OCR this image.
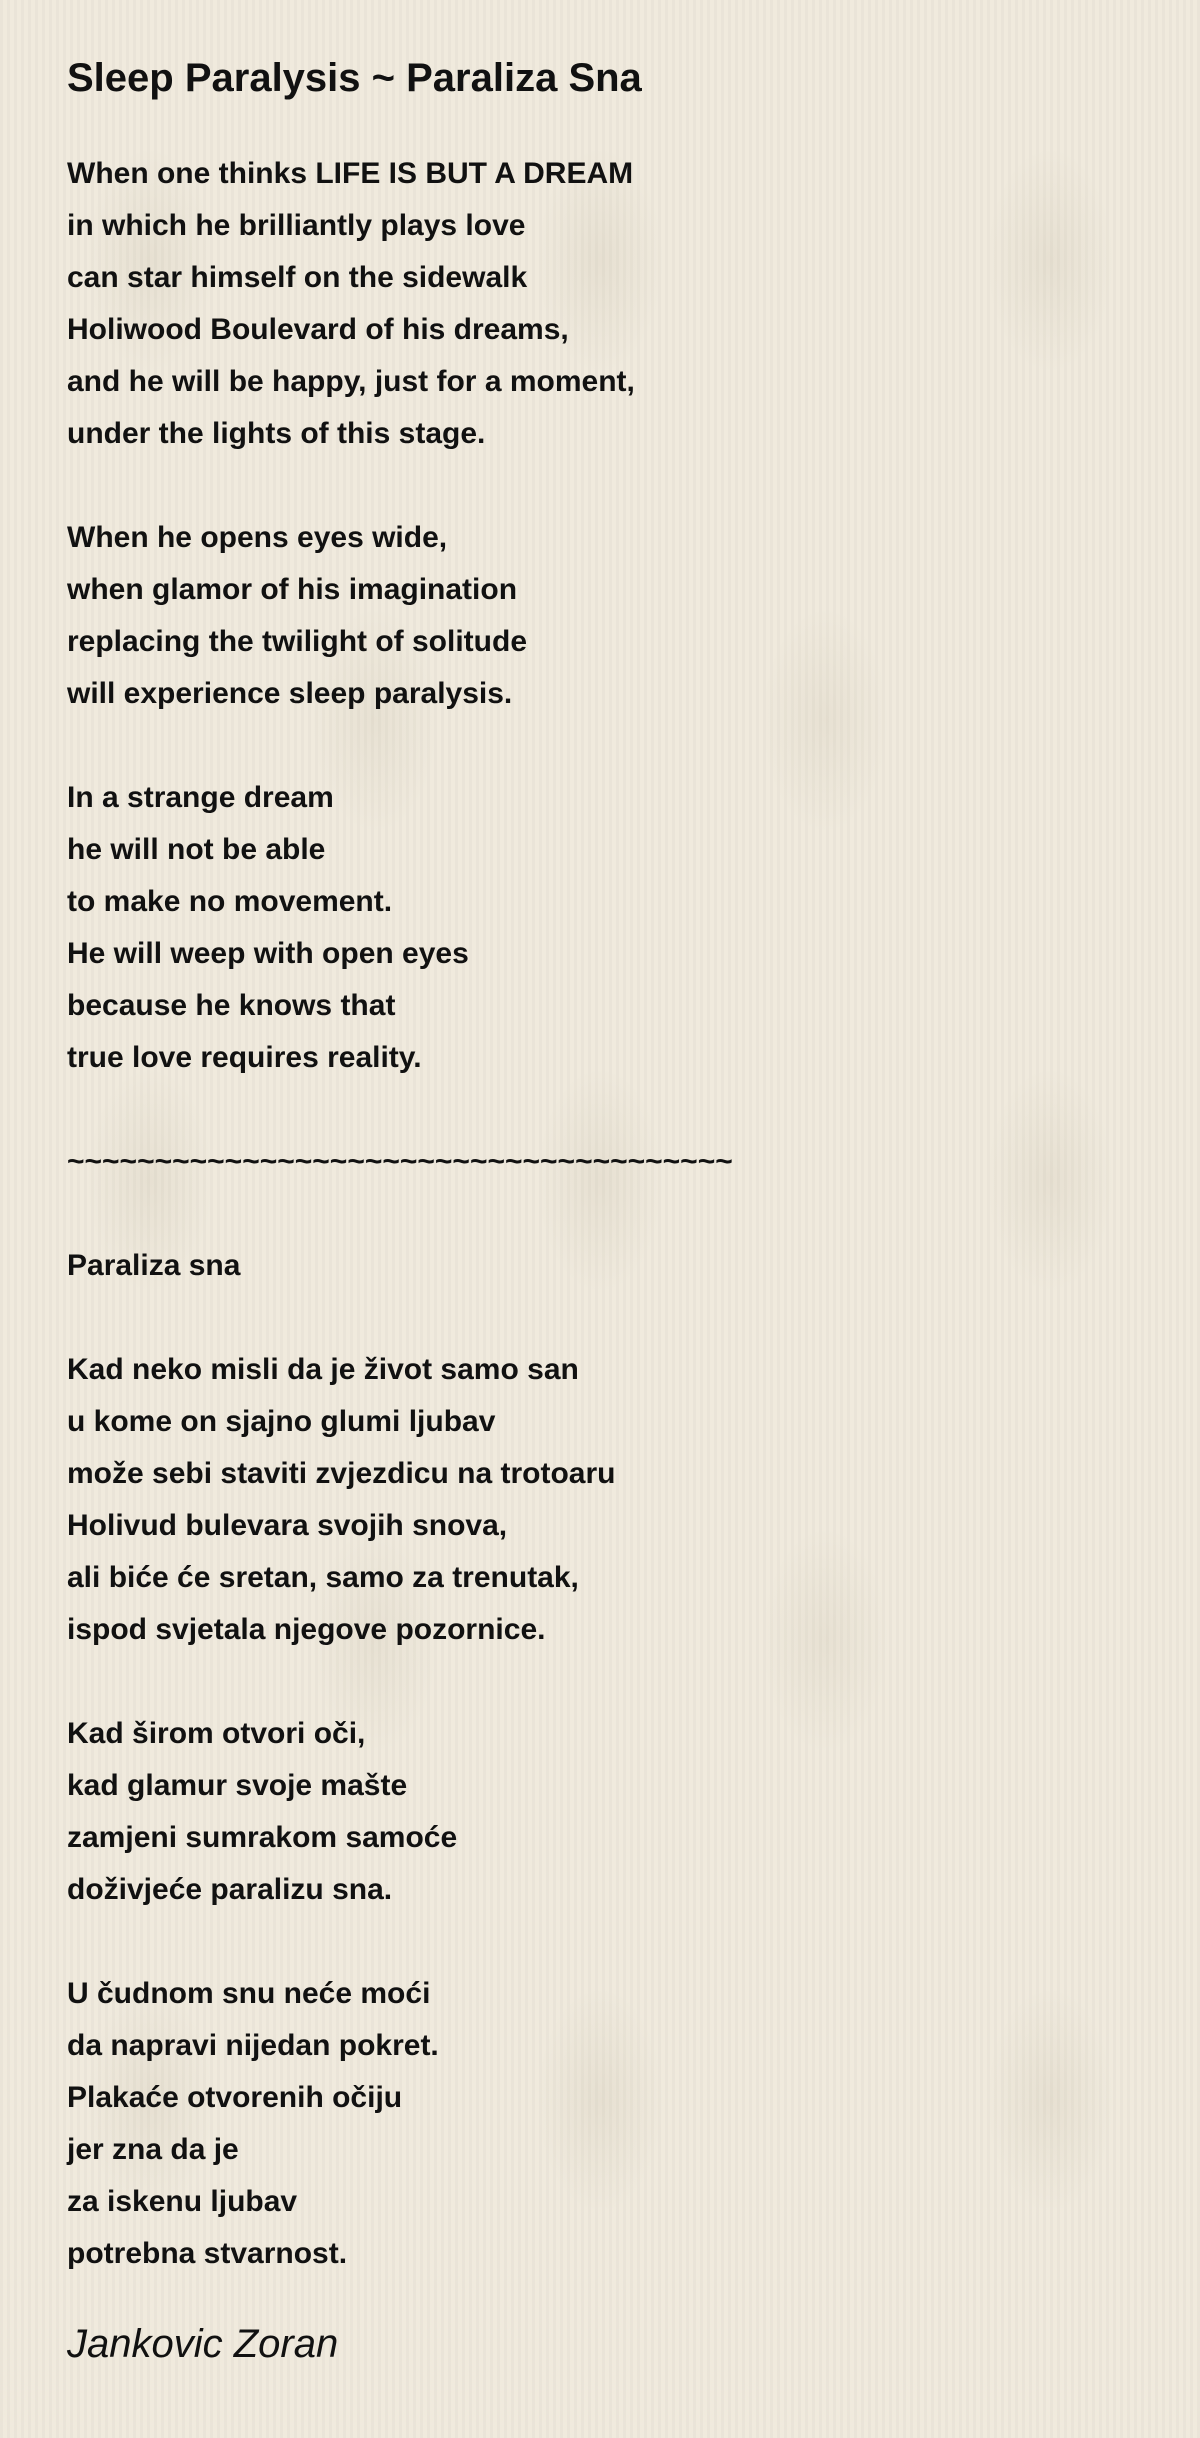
Sleep Paralysis ~ Paraliza Sna
When one thinks LIFE IS BUT A DREAM
in which he brilliantly plays love
can star himself on the sidewalk
Holiwood Boulevard of his dreams,
and he will be happy, just for a moment,
under the lights of this stage.
When he opens eyes wide,
when glamor of his imagination
replacing the twilight of solitude
will experience sleep paralysis.
In a strange dream
he will not be able
to make no movement.
He will weep with open eyes
because he knows that
true love requires reality.
~~~~~~~~~~~~~~~~~~~~~~~~~~~~~~~~~~~~~~
Paraliza sna
Kad neko misli da je život samo san
u kome on sjajno glumi ljubav
može sebi staviti zvjezdicu na trotoaru
Holivud bulevara svojih snova,
ali biće će sretan, samo za trenutak,
ispod svjetala njegove pozornice.
Kad širom otvori oči,
kad glamur svoje mašte
zamjeni sumrakom samoće
doživjeće paralizu sna.
U čudnom snu neće moći
da napravi nijedan pokret.
Plakaće otvorenih očiju
jer zna da je
za iskenu ljubav
potrebna stvarnost.
Jankovic Zoran
